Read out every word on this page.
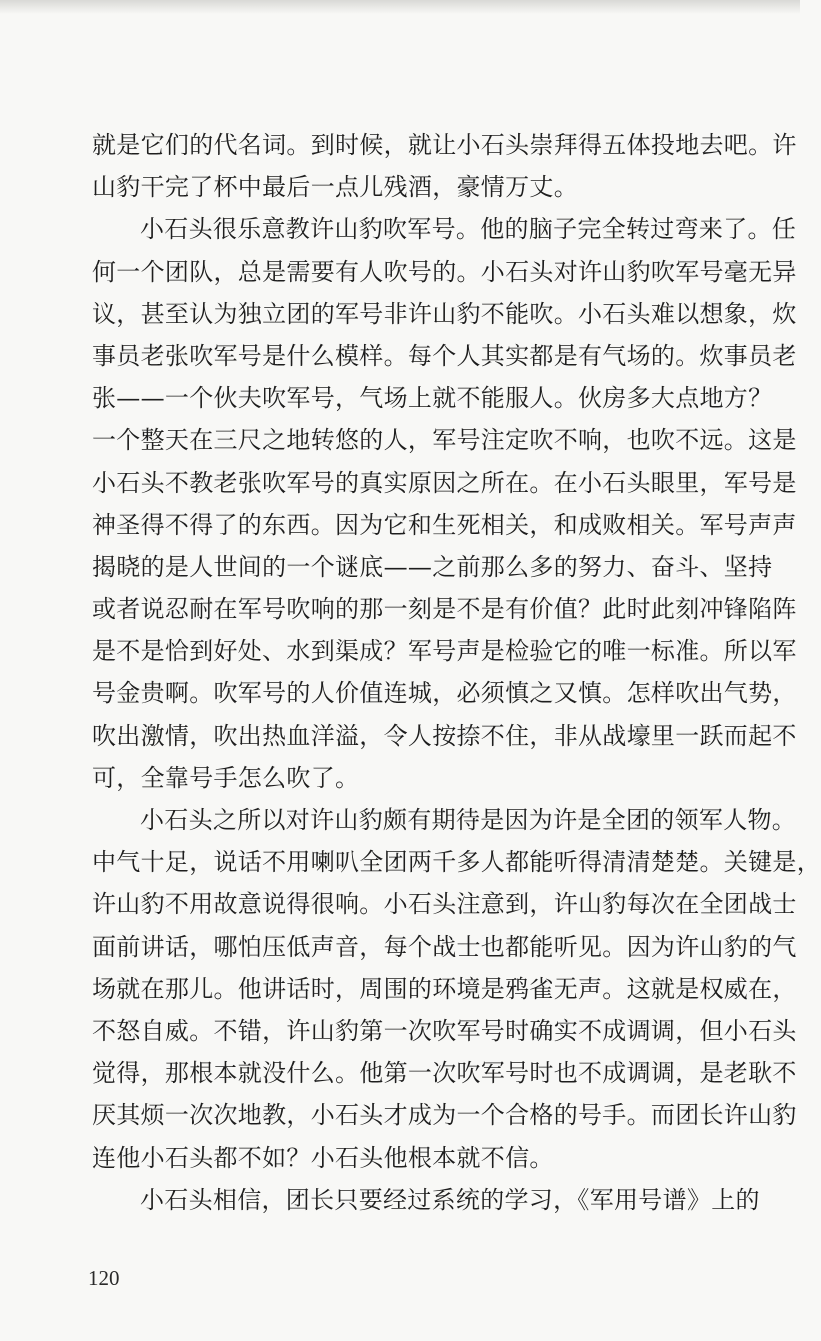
就是它们的代名词。到时候，就让小石头崇拜得五体投地去吧。许
山豹干完了杯中最后一点儿残酒，豪情万丈。
小石头很乐意教许山豹吹军号。他的脑子完全转过弯来了。任
何一个团队，总是需要有人吹号的。小石头对许山豹吹军号毫无异
议，甚至认为独立团的军号非许山豹不能吹。小石头难以想象，炊
事员老张吹军号是什么模样。每个人其实都是有气场的。炊事员老
张——一个伙夫吹军号，气场上就不能服人。伙房多大点地方？
一个整天在三尺之地转悠的人，军号注定吹不响，也吹不远。这是
小石头不教老张吹军号的真实原因之所在。在小石头眼里，军号是
神圣得不得了的东西。因为它和生死相关，和成败相关。军号声声
揭晓的是人世间的一个谜底——之前那么多的努力、奋斗、坚持
或者说忍耐在军号吹响的那一刻是不是有价值？此时此刻冲锋陷阵
是不是恰到好处、水到渠成？军号声是检验它的唯一标准。所以军
号金贵啊。吹军号的人价值连城，必须慎之又慎。怎样吹出气势，
吹出激情，吹出热血洋溢，令人按捺不住，非从战壕里一跃而起不
可，全靠号手怎么吹了。
小石头之所以对许山豹颇有期待是因为许是全团的领军人物。
中气十足，说话不用喇叭全团两千多人都能听得清清楚楚。关键是，
许山豹不用故意说得很响。小石头注意到，许山豹每次在全团战士
面前讲话，哪怕压低声音，每个战士也都能听见。因为许山豹的气
场就在那儿。他讲话时，周围的环境是鸦雀无声。这就是权威在，
不怒自威。不错，许山豹第一次吹军号时确实不成调调，但小石头
觉得，那根本就没什么。他第一次吹军号时也不成调调，是老耿不
厌其烦一次次地教，小石头才成为一个合格的号手。而团长许山豹
连他小石头都不如？小石头他根本就不信。
小石头相信，团长只要经过系统的学习，《军用号谱》上的
120
